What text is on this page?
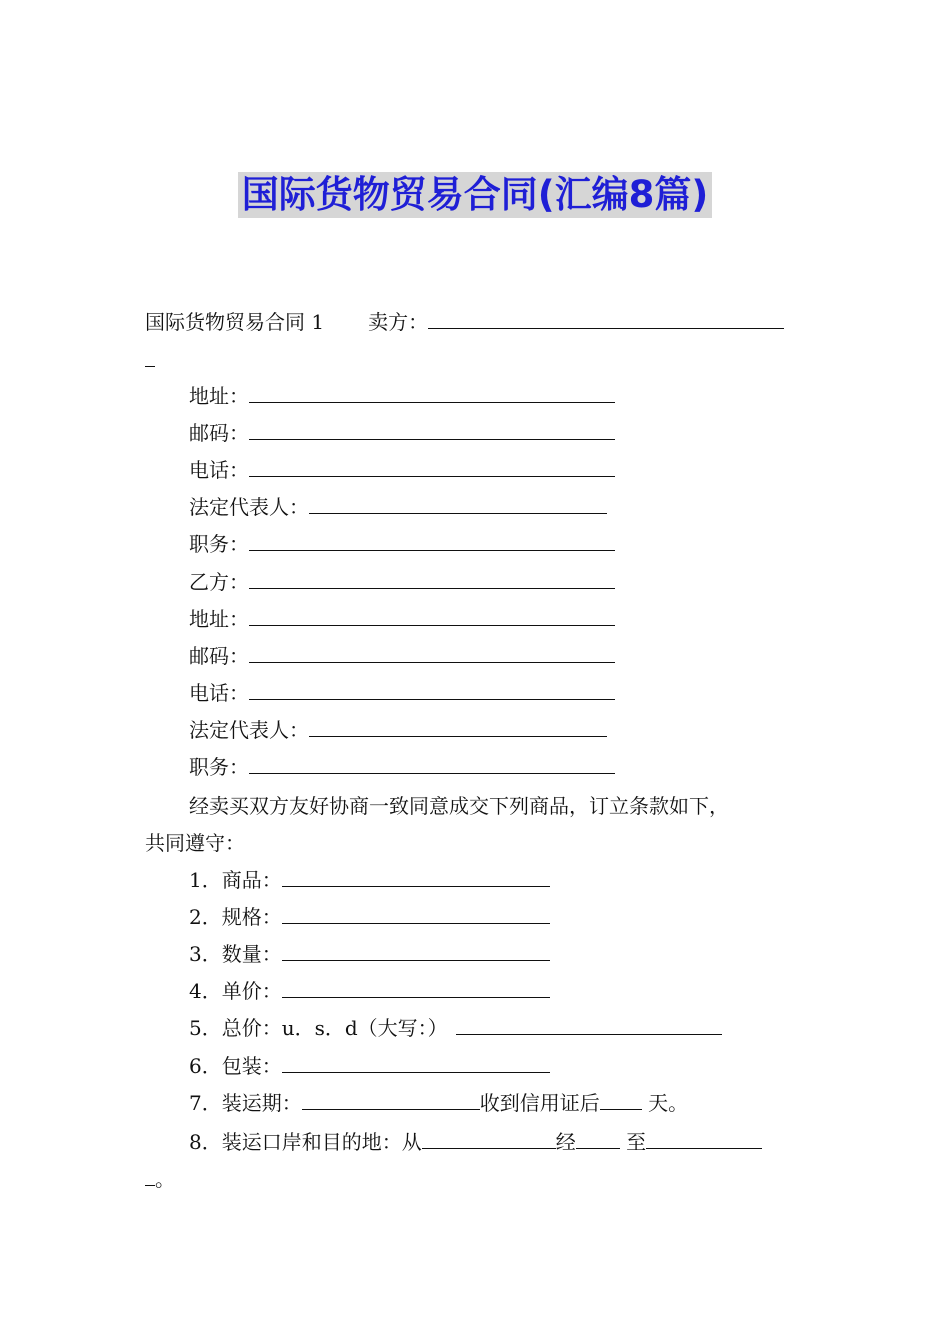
国际货物贸易合同(汇编8篇)
国际货物贸易合同 1 卖方：
地址：
邮码：
电话：
法定代表人：
职务：
乙方：
地址：
邮码：
电话：
法定代表人：
职务：
经卖买双方友好协商一致同意成交下列商品，订立条款如下，
共同遵守：
1．商品：
2．规格：
3．数量：
4．单价：
5．总价：u．s．d（大写：）
6．包装：
7．装运期：	收到信用证后 天。
8．装运口岸和目的地：从	经 至
。
